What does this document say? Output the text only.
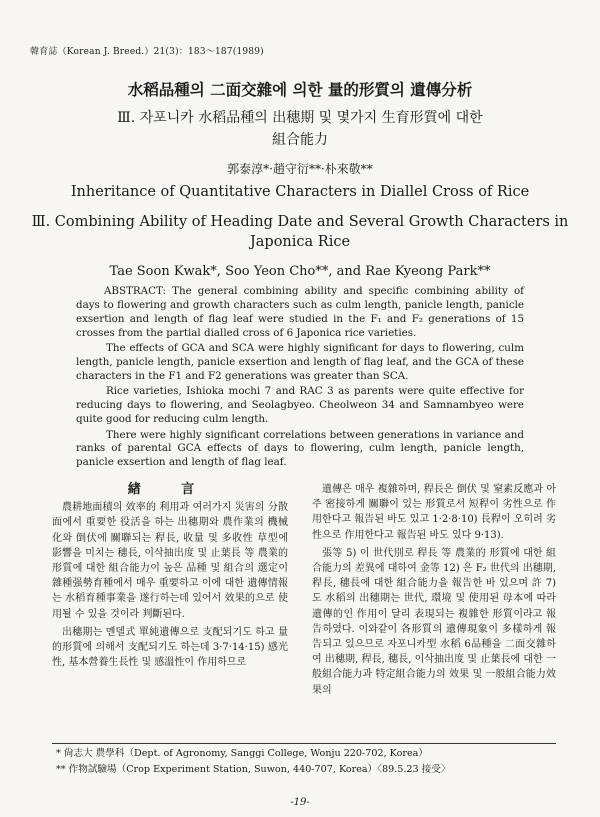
韓育誌（Korean J. Breed.）21(3)：183～187(1989)
水稻品種의 二面交雜에 의한 量的形質의 遺傳分析
Ⅲ. 자포니카 水稻品種의 出穗期 및 몇가지 生育形質에 대한
組合能力
郭泰淳*·趙守衍**·朴來敬**
Inheritance of Quantitative Characters in Diallel Cross of Rice
Ⅲ. Combining Ability of Heading Date and Several Growth Characters in
Japonica Rice
Tae Soon Kwak*, Soo Yeon Cho**, and Rae Kyeong Park**

ABSTRACT: The general combining ability and specific combining ability of days to flowering and growth characters such as culm length, panicle length, panicle exsertion and length of flag leaf were studied in the F₁ and F₂ generations of 15 crosses from the partial dialled cross of 6 Japonica rice varieties.

The effects of GCA and SCA were highly significant for days to flowering, culm length, panicle length, panicle exsertion and length of flag leaf, and the GCA of these characters in the F1 and F2 generations was greater than SCA.

Rice varieties, Ishioka mochi 7 and RAC 3 as parents were quite effective for reducing days to flowering, and Seolagbyeo. Cheolweon 34 and Samnambyeo were quite good for reducing culm length.

There were highly significant correlations between generations in variance and ranks of parental GCA effects of days to flowering, culm length, panicle length, panicle exsertion and length of flag leaf.

緖 言

農耕地面積의 效率的 利用과 여러가지 災害의 分散面에서 重要한 役活을 하는 出穗期와 農作業의 機械化와 倒伏에 關聯되는 稈長, 收量 및 多收性 草型에 影響을 미치는 穗長, 이삭抽出度 및 止葉長 等 農業的 形質에 대한 組合能力이 높은 品種 및 組合의 選定이 雜種强勢育種에서 매우 重要하고 이에 대한 遺傳情報는 水稻育種事業을 遂行하는데 있어서 效果的으로 使用될 수 있을 것이라 判斷된다.

出穗期는 멘델式 單純遺傳으로 支配되기도 하고 量的形質에 의해서 支配되기도 하는데 3·7·14·15) 感光性, 基本營養生長性 및 感溫性이 作用하므로

遺傳은 매우 複雜하며, 稈長은 倒伏 및 窒素反應과 아주 密接하게 關聯이 있는 形質로서 短稈이 劣性으로 作用한다고 報告된 바도 있고 1·2·8·10) 長稈이 오히려 劣性으로 作用한다고 報告된 바도 있다 9·13).

張等 5) 이 世代別로 稈長 等 農業的 形質에 대한 組合能力의 差異에 대하여 金等 12) 은 F₂ 世代의 出穗期, 稈長, 穗長에 대한 組合能力을 報告한 바 있으며 許 7) 도 水稻의 出穗期는 世代, 環境 및 使用된 母本에 따라 遺傳的인 作用이 달리 表現되는 複雜한 形質이라고 報告하였다. 이와같이 各形質의 遺傳現象이 多樣하게 報告되고 있으므로 자포니카型 水稻 6品種을 二面交雜하여 出穗期, 稈長, 穗長, 이삭抽出度 및 止葉長에 대한 一般組合能力과 特定組合能力의 效果 및 一般組合能力效果의

* 尙志大 農學科（Dept. of Agronomy, Sanggi College, Wonju 220-702, Korea）
** 作物試驗場（Crop Experiment Station, Suwon, 440-707, Korea）〈89.5.23 接受〉
-19-
